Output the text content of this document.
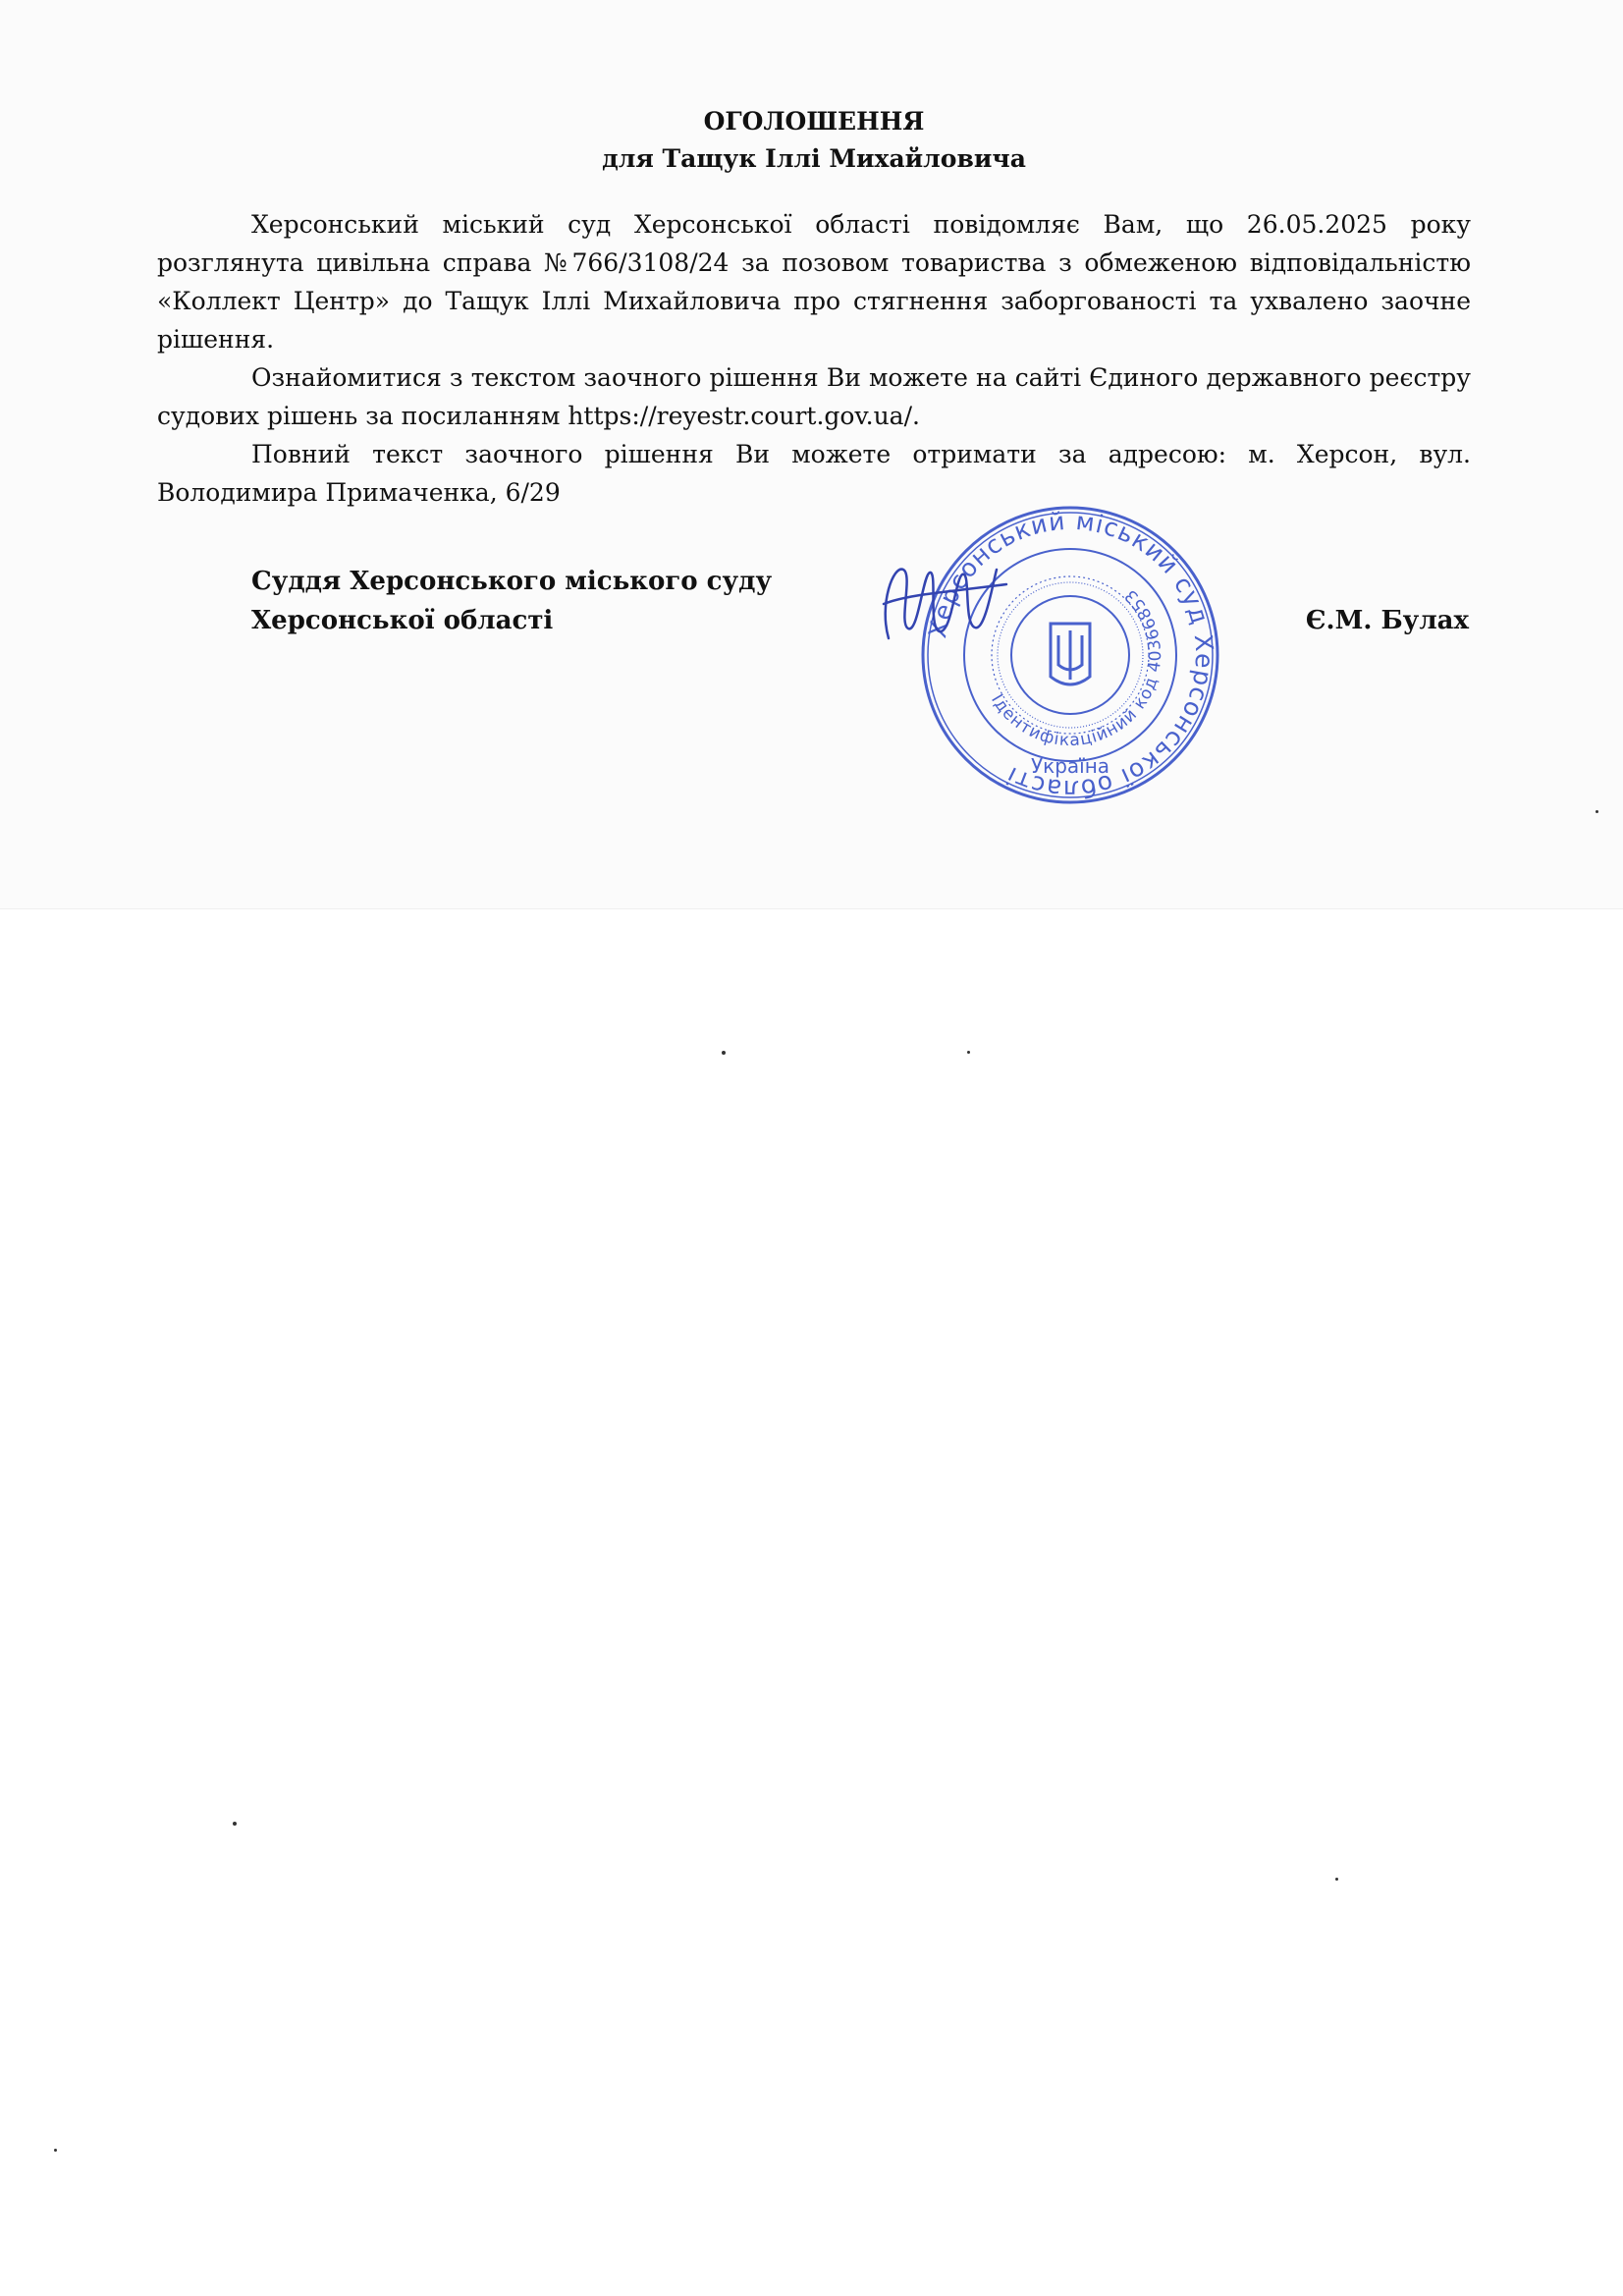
ОГОЛОШЕННЯ

для Тащук Іллі Михайловича

Херсонський міський суд Херсонської області повідомляє Вам, що 26.05.2025 року розглянута цивільна справа №766/3108/24 за позовом товариства з обмеженою відповідальністю «Коллект Центр» до Тащук Іллі Михайловича про стягнення заборгованості та ухвалено заочне рішення.

Ознайомитися з текстом заочного рішення Ви можете на сайті Єдиного державного реєстру судових рішень за посиланням https://reyestr.court.gov.ua/.

Повний текст заочного рішення Ви можете отримати за адресою: м. Херсон, вул. Володимира Примаченка, 6/29

Суддя Херсонського міського суду
Херсонської області	Є.М. Булах
Херсонський міський суд Херсонської області
Ідентифікаційний код 40366853
Україна
